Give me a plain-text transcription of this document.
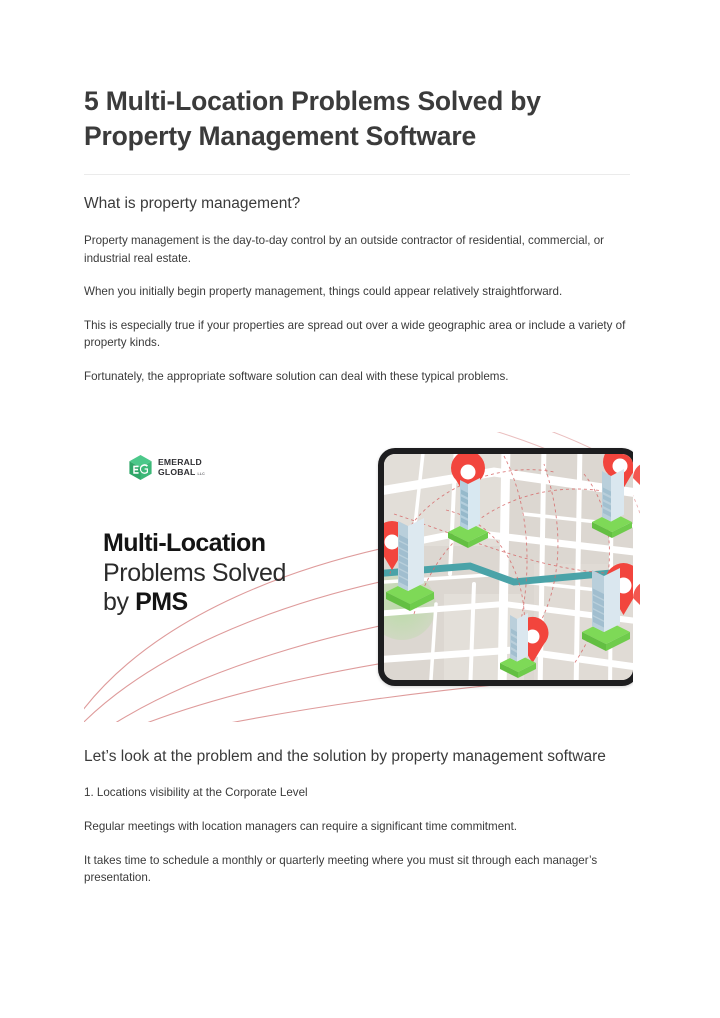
5 Multi-Location Problems Solved by Property Management Software
What is property management?

Property management is the day-to-day control by an outside contractor of residential, commercial, or industrial real estate.

When you initially begin property management, things could appear relatively straightforward.

This is especially true if your properties are spread out over a wide geographic area or include a variety of property kinds.

Fortunately, the appropriate software solution can deal with these typical problems.

EMERALD
GLOBAL LLC
Multi-Location
Problems Solved
by PMS
Let’s look at the problem and the solution by property management software

1. Locations visibility at the Corporate Level

Regular meetings with location managers can require a significant time commitment.

It takes time to schedule a monthly or quarterly meeting where you must sit through each manager’s presentation.
